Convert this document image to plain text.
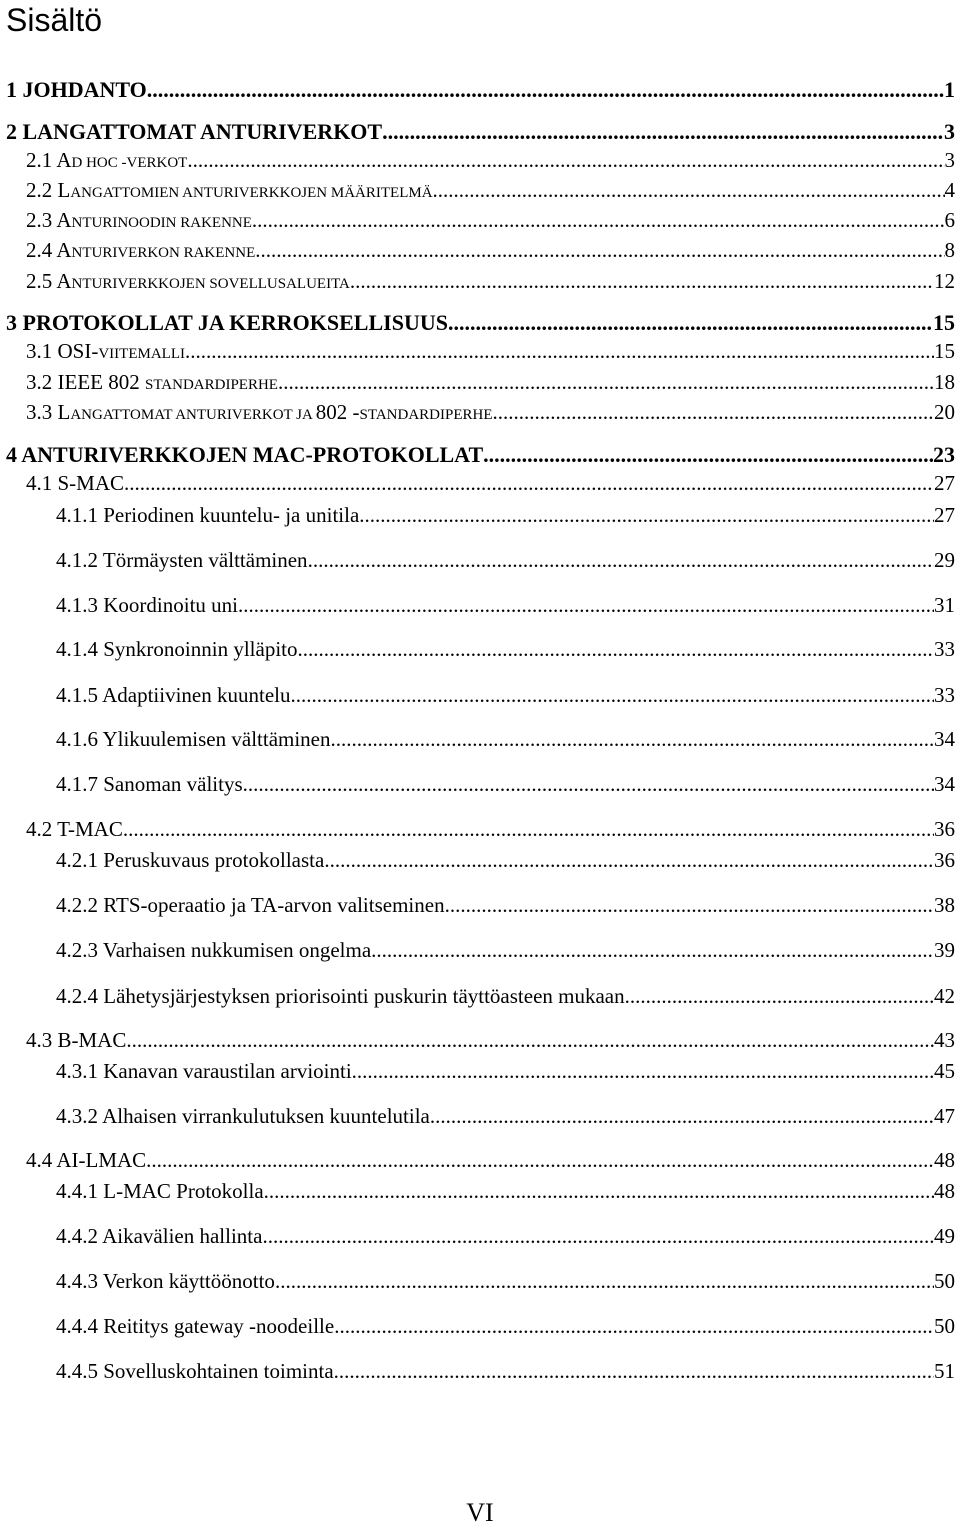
Sisältö
1 JOHDANTO .....	1
2 LANGATTOMAT ANTURIVERKOT .....	3
2.1 AD HOC -VERKOT .....	3
2.2 LANGATTOMIEN ANTURIVERKKOJEN MÄÄRITELMÄ .....	4
2.3 ANTURINOODIN RAKENNE .....	6
2.4 ANTURIVERKON RAKENNE .....	8
2.5 ANTURIVERKKOJEN SOVELLUSALUEITA .....	12
3 PROTOKOLLAT JA KERROKSELLISUUS .....	15
3.1 OSI-VIITEMALLI .....	15
3.2 IEEE 802 STANDARDIPERHE .....	18
3.3 LANGATTOMAT ANTURIVERKOT JA 802 -STANDARDIPERHE .....	20
4 ANTURIVERKKOJEN MAC-PROTOKOLLAT .....	23
4.1 S-MAC .....	27
4.1.1 Periodinen kuuntelu- ja unitila .....	27
4.1.2 Törmäysten välttäminen .....	29
4.1.3 Koordinoitu uni .....	31
4.1.4 Synkronoinnin ylläpito .....	33
4.1.5 Adaptiivinen kuuntelu .....	33
4.1.6 Ylikuulemisen välttäminen .....	34
4.1.7 Sanoman välitys .....	34
4.2 T-MAC .....	36
4.2.1 Peruskuvaus protokollasta .....	36
4.2.2 RTS-operaatio ja TA-arvon valitseminen .....	38
4.2.3 Varhaisen nukkumisen ongelma .....	39
4.2.4 Lähetysjärjestyksen priorisointi puskurin täyttöasteen mukaan .....	42
4.3 B-MAC .....	43
4.3.1 Kanavan varaustilan arviointi .....	45
4.3.2 Alhaisen virrankulutuksen kuuntelutila .....	47
4.4 AI-LMAC .....	48
4.4.1 L-MAC Protokolla .....	48
4.4.2 Aikavälien hallinta .....	49
4.4.3 Verkon käyttöönotto .....	50
4.4.4 Reititys gateway -noodeille .....	50
4.4.5 Sovelluskohtainen toiminta .....	51
VI
